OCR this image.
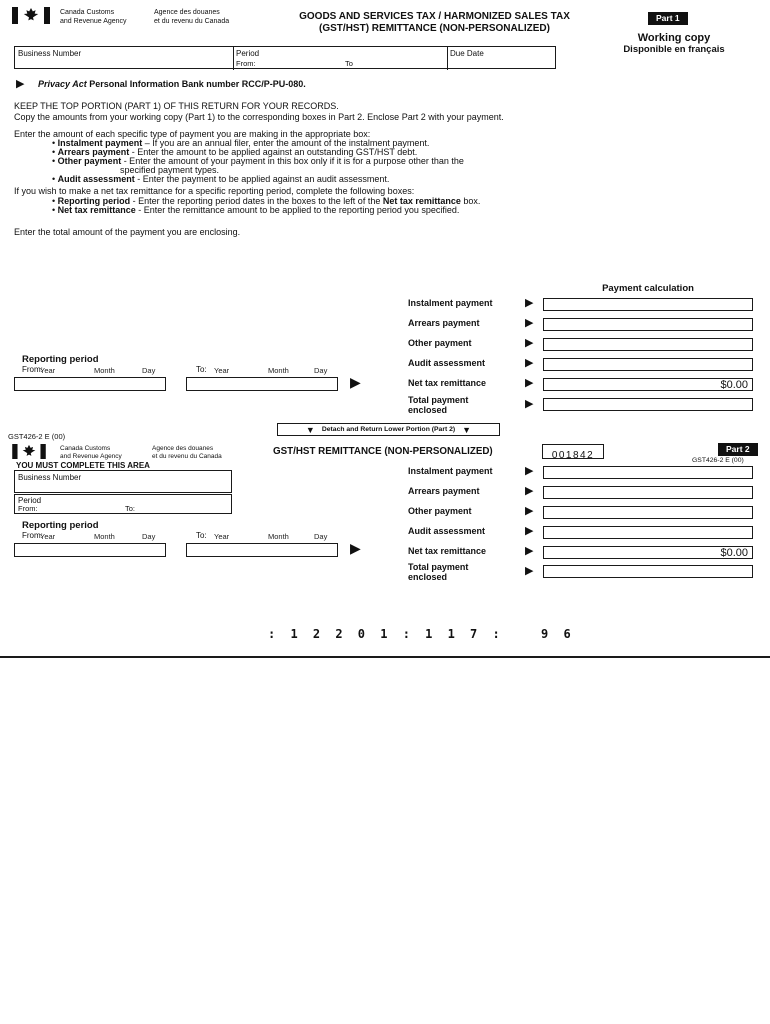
Canada Customs
and Revenue Agency
Agence des douanes
et du revenu du Canada	GOODS AND SERVICES TAX / HARMONIZED SALES TAX
(GST/HST) REMITTANCE (NON-PERSONALIZED)
Part 1
Working copy
Disponible en français
Business Number	Period
From:	To
Due Date
▶ Privacy Act Personal Information Bank number RCC/P-PU-080.
KEEP THE TOP PORTION (PART 1) OF THIS RETURN FOR YOUR RECORDS.
Copy the amounts from your working copy (Part 1) to the corresponding boxes in Part 2. Enclose Part 2 with your payment.
Enter the amount of each specific type of payment you are making in the appropriate box:
• Instalment payment – If you are an annual filer, enter the amount of the instalment payment.
• Arrears payment - Enter the amount to be applied against an outstanding GST/HST debt.
• Other payment - Enter the amount of your payment in this box only if it is for a purpose other than the
specified payment types.
• Audit assessment - Enter the payment to be applied against an audit assessment.
If you wish to make a net tax remittance for a specific reporting period, complete the following boxes:
• Reporting period - Enter the reporting period dates in the boxes to the left of the Net tax remittance box.
• Net tax remittance - Enter the remittance amount to be applied to the reporting period you specified.
Enter the total amount of the payment you are enclosing.
Payment calculation
Instalment payment	▶
Arrears payment	▶
Other payment	▶
Audit assessment	▶
Net tax remittance	▶	$0.00
Total payment enclosed	▶
Reporting period
From:
Year	Month	Day	To: Year	Month	Day
▶
GST426-2 E (00)
▼ Detach and Return Lower Portion (Part 2) ▼
Canada Customs
and Revenue Agency
Agence des douanes
et du revenu du Canada	GST/HST REMITTANCE (NON-PERSONALIZED)	001842
Part 2
GST426-2 E (00)
YOU MUST COMPLETE THIS AREA
Business Number
Period
From:	To:
Reporting period
From:
Year	Month	Day	To: Year	Month	Day
▶
Instalment payment	▶
Arrears payment	▶
Other payment	▶
Audit assessment	▶
Net tax remittance	▶	$0.00
Total payment enclosed	▶
: 1 2 2 0 1 : 1 1 7 :	9 6
